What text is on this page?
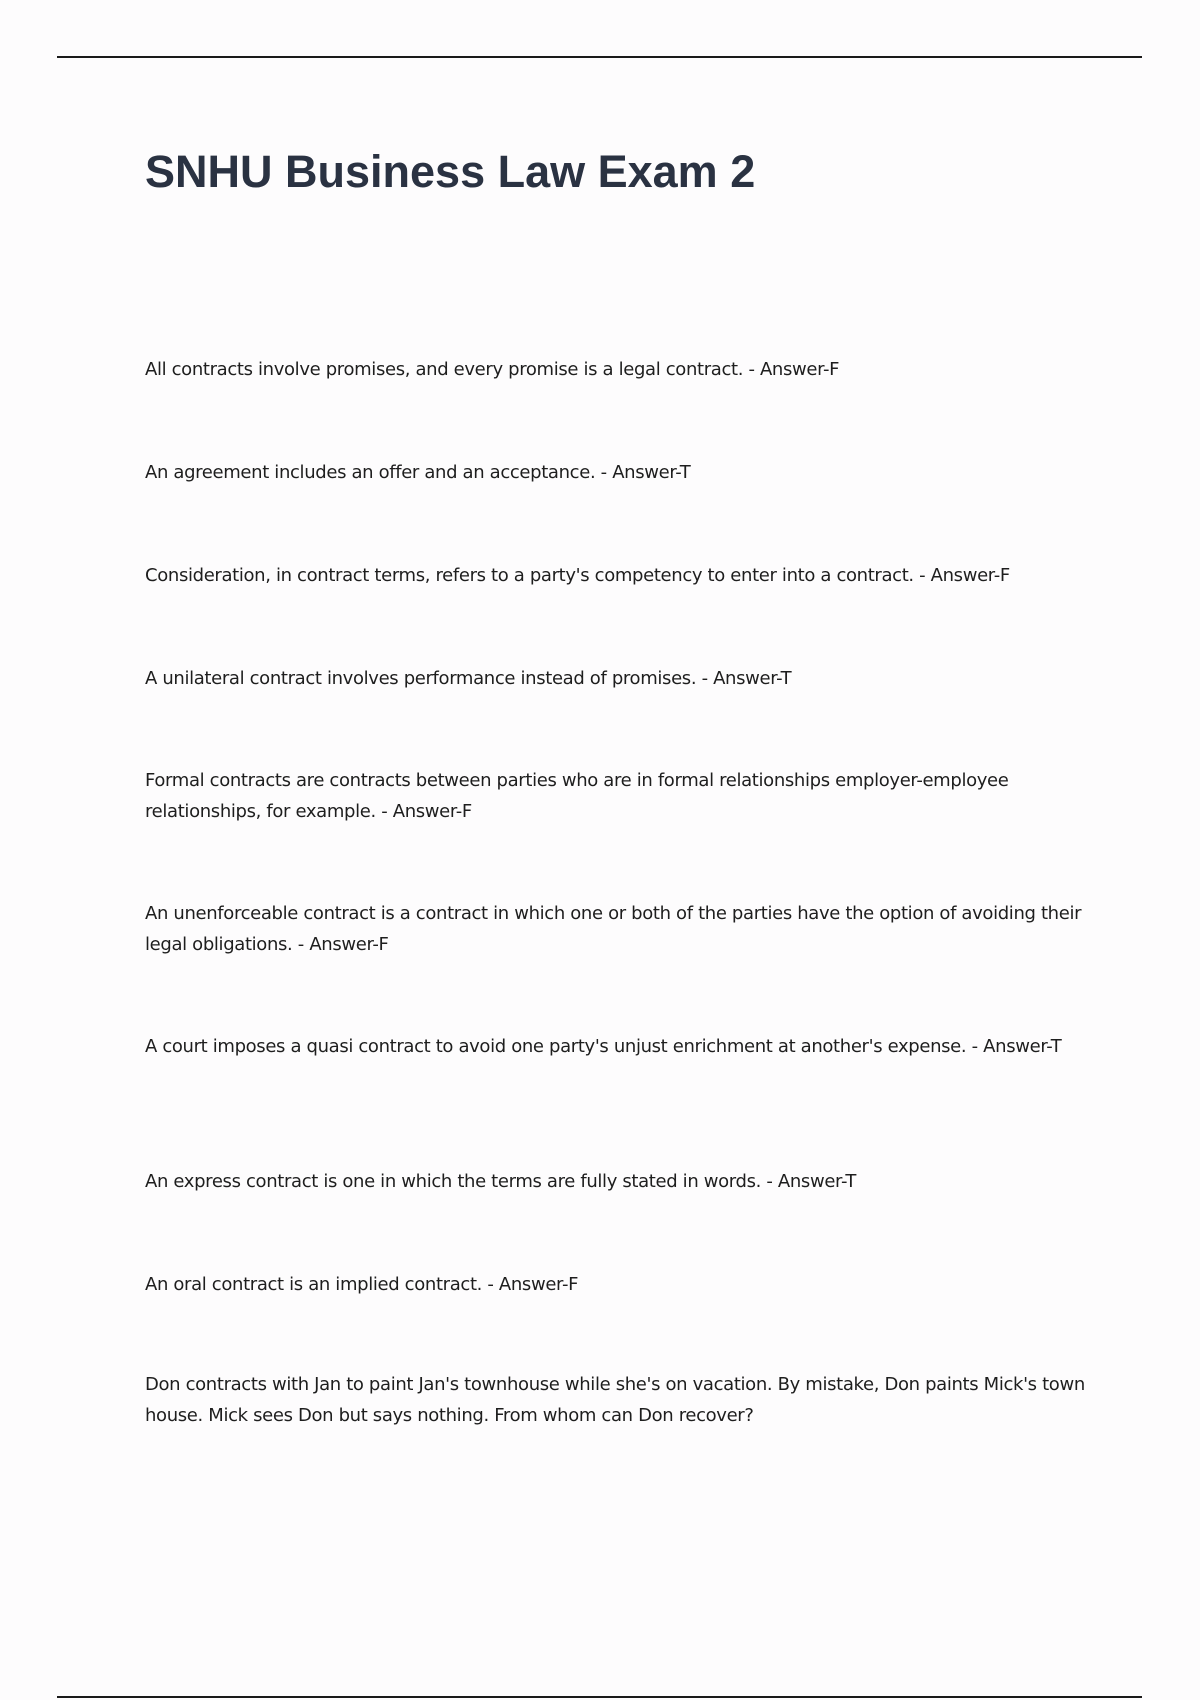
SNHU Business Law Exam 2

All contracts involve promises, and every promise is a legal contract. - Answer-F

An agreement includes an offer and an acceptance. - Answer-T

Consideration, in contract terms, refers to a party's competency to enter into a contract. - Answer-F

A unilateral contract involves performance instead of promises. - Answer-T

Formal contracts are contracts between parties who are in formal relationships employer-employee relationships, for example. - Answer-F

An unenforceable contract is a contract in which one or both of the parties have the option of avoiding their legal obligations. - Answer-F

A court imposes a quasi contract to avoid one party's unjust enrichment at another's expense. - Answer-T

An express contract is one in which the terms are fully stated in words. - Answer-T

An oral contract is an implied contract. - Answer-F

Don contracts with Jan to paint Jan's townhouse while she's on vacation. By mistake, Don paints Mick's town house. Mick sees Don but says nothing. From whom can Don recover?
